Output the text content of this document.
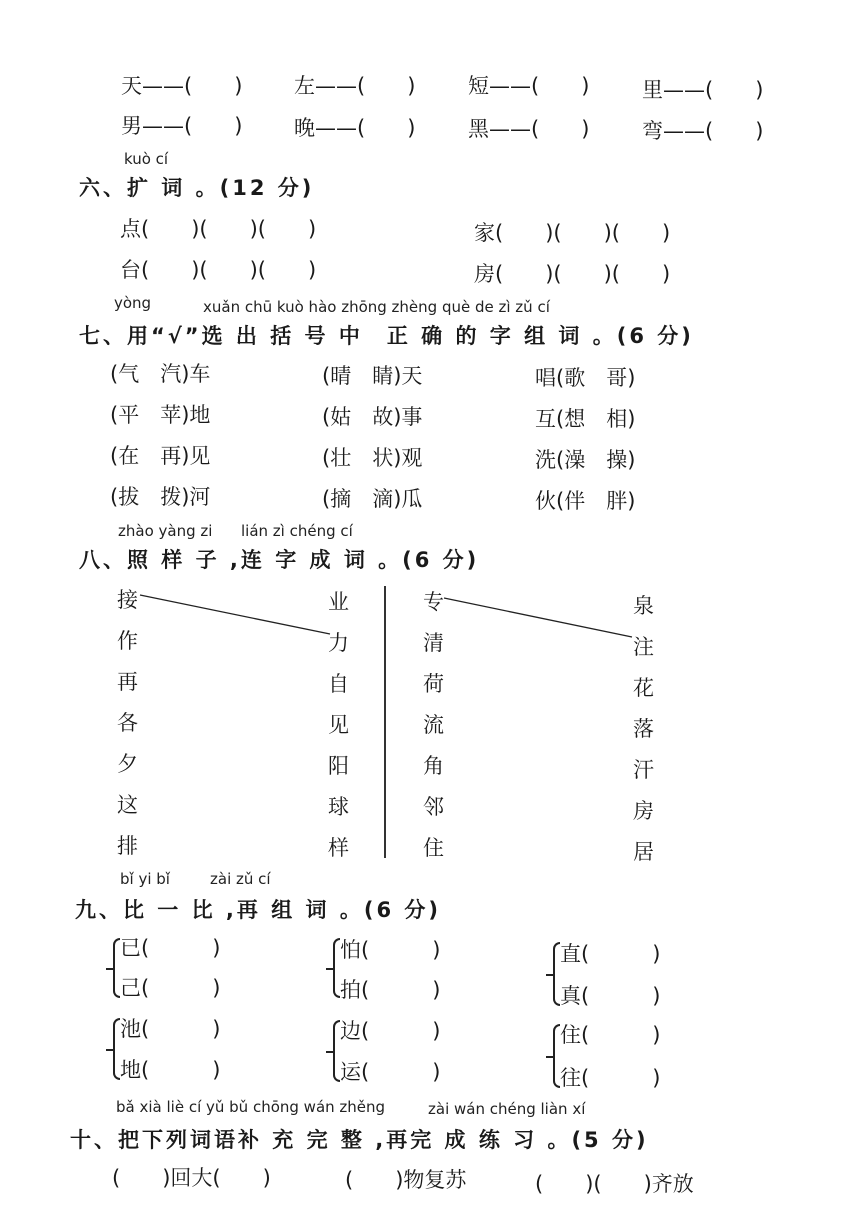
天——(　　) 左——(　　)	短——(　　)	里——(　　)
男——(　　) 晚——(　　)	黑——(　　)	弯——(　　)
kuò cí
六、扩 词 。(12 分)
点(　　)(　　)(　　)	家(　　)(　　)(　　)
台(　　)(　　)(　　)	房(　　)(　　)(　　)
yòng	xuǎn chū kuò hào zhōng zhèng què de zì zǔ cí
七、用“√”选 出 括 号 中　正 确 的 字 组 词 。(6 分)
(气　汽)车	(晴　睛)天	唱(歌　哥)
(平　苹)地	(姑　故)事	互(想　相)
(在　再)见	(壮　状)观	洗(澡　操)
(拔　拨)河	(摘　滴)瓜	伙(伴　胖)
zhào yàng zi lián zì chéng cí
八、照 样 子 ,连 字 成 词 。(6 分)
接
作
再
各
夕
这
排
业
力
自
见
阳
球
样
专
清
荷
流
角
邻
住
泉
注
花
落
汗
房
居
bǐ yi bǐ	zài zǔ cí
九、比 一 比 ,再 组 词 。(6 分)
已(　　　)
己(　　　)
怕(　　　)
拍(　　　)
直(　　　)
真(　　　)
池(　　　)
地(　　　)
边(　　　)
运(　　　)
住(　　　)
往(　　　)
bǎ xià liè cí yǔ bǔ chōng wán zhěng	zài wán chéng liàn xí
十、把下列词语补 充 完 整 ,再完 成 练 习 。(5 分)
(　　)回大(　　)	(　　)物复苏	(　　)(　　)齐放
